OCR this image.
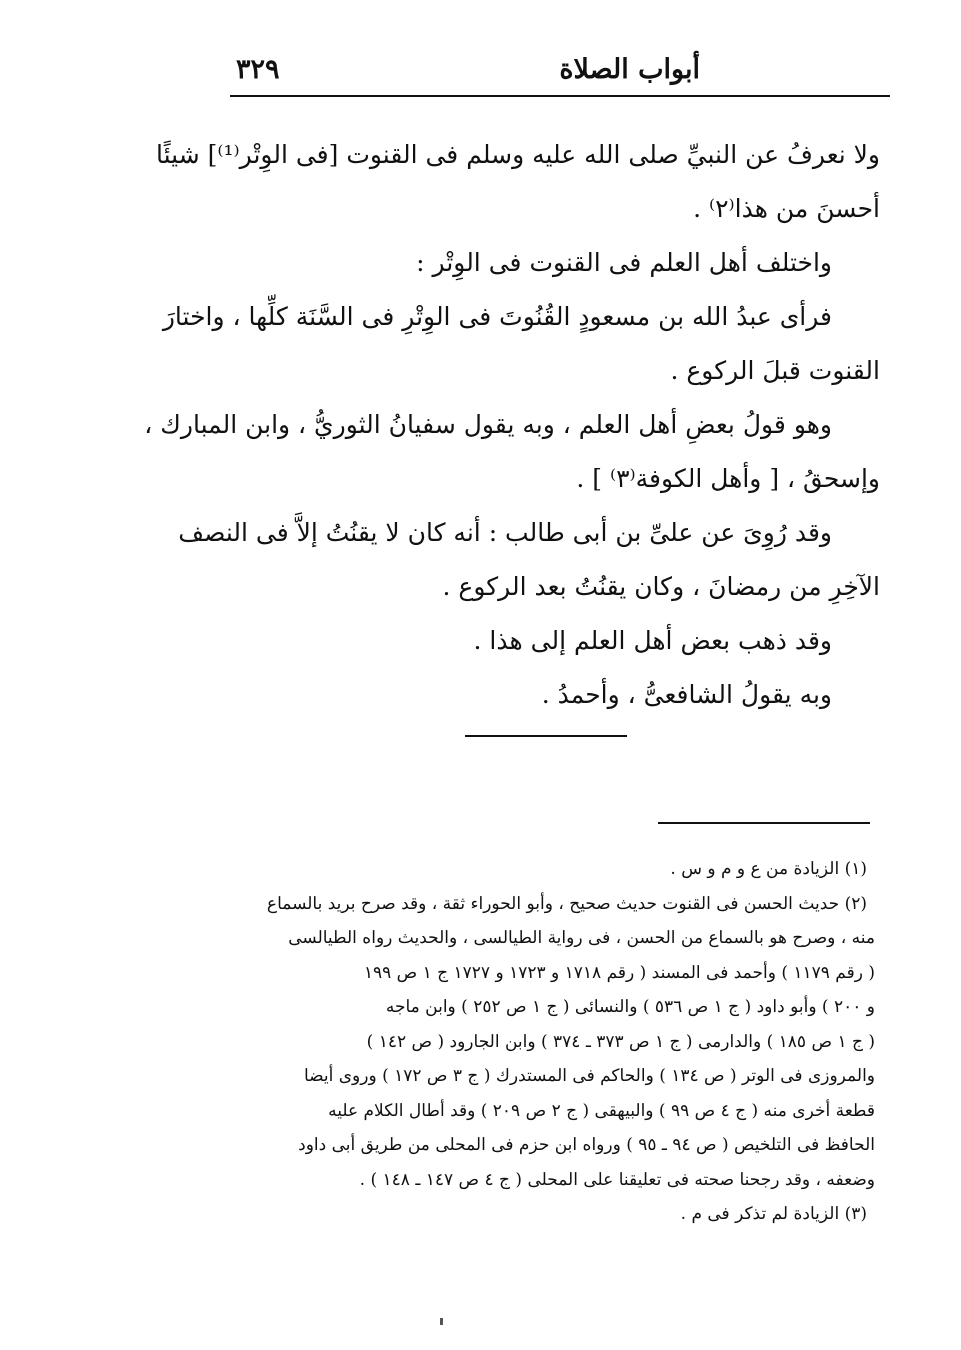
أبواب الصلاة
٣٢٩
ولا نعرفُ عن النبيِّ صلى الله عليه وسلم فى القنوت [فى الوِتْر⁽¹⁾] شيئًا
أحسنَ من هذا⁽٢⁾ .
واختلف أهل العلم فى القنوت فى الوِتْر :
فرأى عبدُ الله بن مسعودٍ القُنُوتَ فى الوِتْرِ فى السَّنَة كلِّها ، واختارَ
القنوت قبلَ الركوع .
وهو قولُ بعضِ أهل العلم ، وبه يقول سفيانُ الثوريُّ ، وابن المبارك ،
وإسحقُ ، [ وأهل الكوفة⁽٣⁾ ] .
وقد رُوِىَ عن علىِّ بن أبى طالب : أنه كان لا يقنُتُ إلاَّ فى النصف
الآخِرِ من رمضانَ ، وكان يقنُتُ بعد الركوع .
وقد ذهب بعض أهل العلم إلى هذا .
وبه يقولُ الشافعىُّ ، وأحمدُ .
(١) الزيادة من ع و م و س .
(٢) حديث الحسن فى القنوت حديث صحيح ، وأبو الحوراء ثقة ، وقد صرح بريد بالسماع
منه ، وصرح هو بالسماع من الحسن ، فى رواية الطيالسى ، والحديث رواه الطيالسى
( رقم ١١٧٩ ) وأحمد فى المسند ( رقم ١٧١٨ و ١٧٢٣ و ١٧٢٧ ج ١ ص ١٩٩
و ٢٠٠ ) وأبو داود ( ج ١ ص ٥٣٦ ) والنسائى ( ج ١ ص ٢٥٢ ) وابن ماجه
( ج ١ ص ١٨٥ ) والدارمى ( ج ١ ص ٣٧٣ ـ ٣٧٤ ) وابن الجارود ( ص ١٤٢ )
والمروزى فى الوتر ( ص ١٣٤ ) والحاكم فى المستدرك ( ج ٣ ص ١٧٢ ) وروى أيضا
قطعة أخرى منه ( ج ٤ ص ٩٩ ) والبيهقى ( ج ٢ ص ٢٠٩ ) وقد أطال الكلام عليه
الحافظ فى التلخيص ( ص ٩٤ ـ ٩٥ ) ورواه ابن حزم فى المحلى من طريق أبى داود
وضعفه ، وقد رجحنا صحته فى تعليقنا على المحلى ( ج ٤ ص ١٤٧ ـ ١٤٨ ) .
(٣) الزيادة لم تذكر فى م .
